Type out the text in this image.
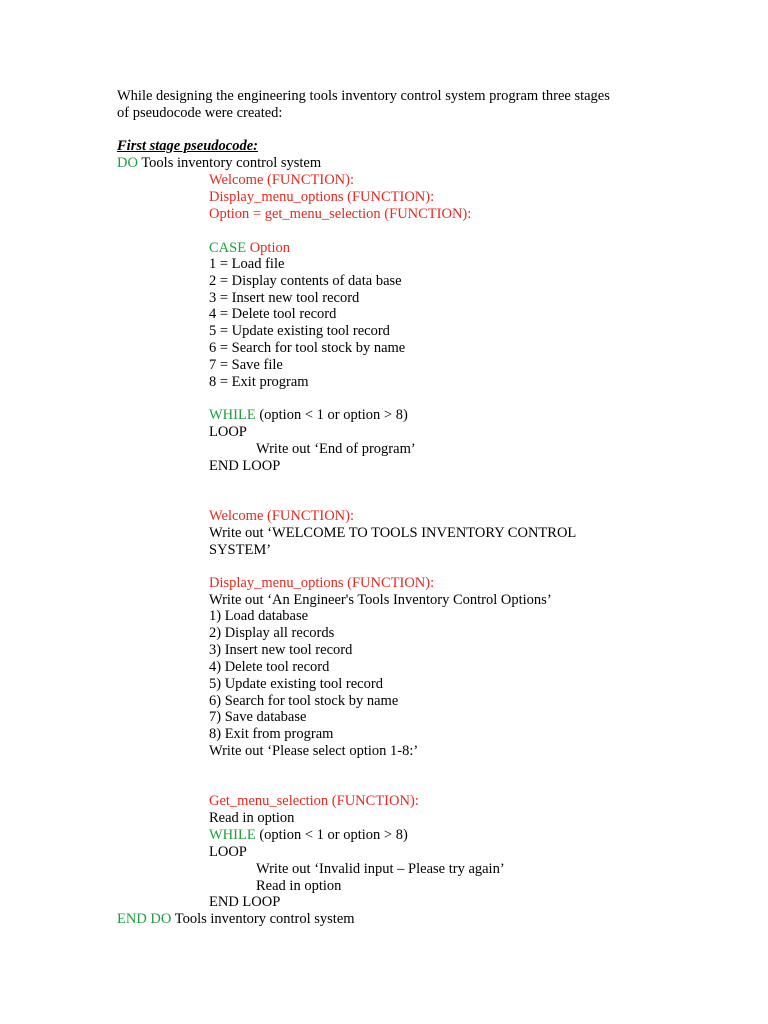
While designing the engineering tools inventory control system program three stages
of pseudocode were created:
First stage pseudocode:
DO Tools inventory control system
Welcome (FUNCTION):
Display_menu_options (FUNCTION):
Option = get_menu_selection (FUNCTION):
CASE Option
1 = Load file
2 = Display contents of data base
3 = Insert new tool record
4 = Delete tool record
5 = Update existing tool record
6 = Search for tool stock by name
7 = Save file
8 = Exit program
WHILE (option < 1 or option > 8)
LOOP
Write out ‘End of program’
END LOOP
Welcome (FUNCTION):
Write out ‘WELCOME TO TOOLS INVENTORY CONTROL
SYSTEM’
Display_menu_options (FUNCTION):
Write out ‘An Engineer's Tools Inventory Control Options’
1) Load database
2) Display all records
3) Insert new tool record
4) Delete tool record
5) Update existing tool record
6) Search for tool stock by name
7) Save database
8) Exit from program
Write out ‘Please select option 1-8:’
Get_menu_selection (FUNCTION):
Read in option
WHILE (option < 1 or option > 8)
LOOP
Write out ‘Invalid input – Please try again’
Read in option
END LOOP
END DO Tools inventory control system
